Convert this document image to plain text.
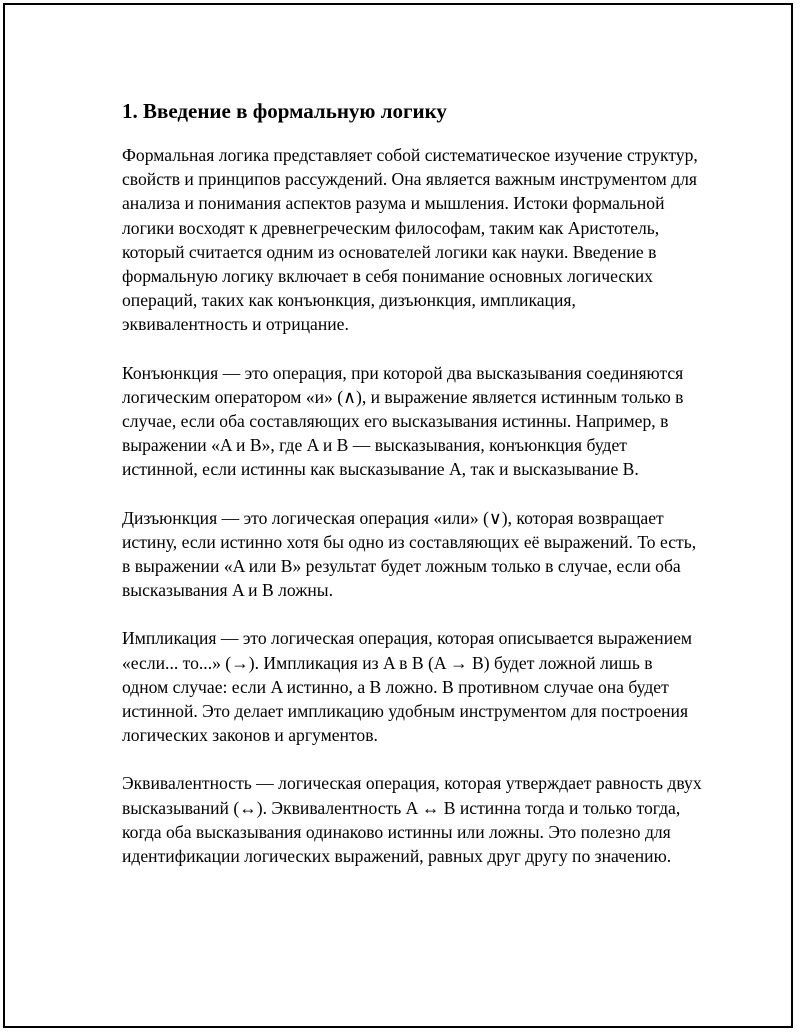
1. Введение в формальную логику

Формальная логика представляет собой систематическое изучение структур, свойств и принципов рассуждений. Она является важным инструментом для анализа и понимания аспектов разума и мышления. Истоки формальной логики восходят к древнегреческим философам, таким как Аристотель, который считается одним из основателей логики как науки. Введение в формальную логику включает в себя понимание основных логических операций, таких как конъюнкция, дизъюнкция, импликация, эквивалентность и отрицание.

Конъюнкция — это операция, при которой два высказывания соединяются логическим оператором «и» (∧), и выражение является истинным только в случае, если оба составляющих его высказывания истинны. Например, в выражении «A и B», где A и B — высказывания, конъюнкция будет истинной, если истинны как высказывание A, так и высказывание B.

Дизъюнкция — это логическая операция «или» (∨), которая возвращает истину, если истинно хотя бы одно из составляющих её выражений. То есть, в выражении «A или B» результат будет ложным только в случае, если оба высказывания A и B ложны.

Импликация — это логическая операция, которая описывается выражением «если... то...» (→). Импликация из A в B (A → B) будет ложной лишь в одном случае: если A истинно, а B ложно. В противном случае она будет истинной. Это делает импликацию удобным инструментом для построения логических законов и аргументов.

Эквивалентность — логическая операция, которая утверждает равность двух высказываний (↔). Эквивалентность A ↔ B истинна тогда и только тогда, когда оба высказывания одинаково истинны или ложны. Это полезно для идентификации логических выражений, равных друг другу по значению.
